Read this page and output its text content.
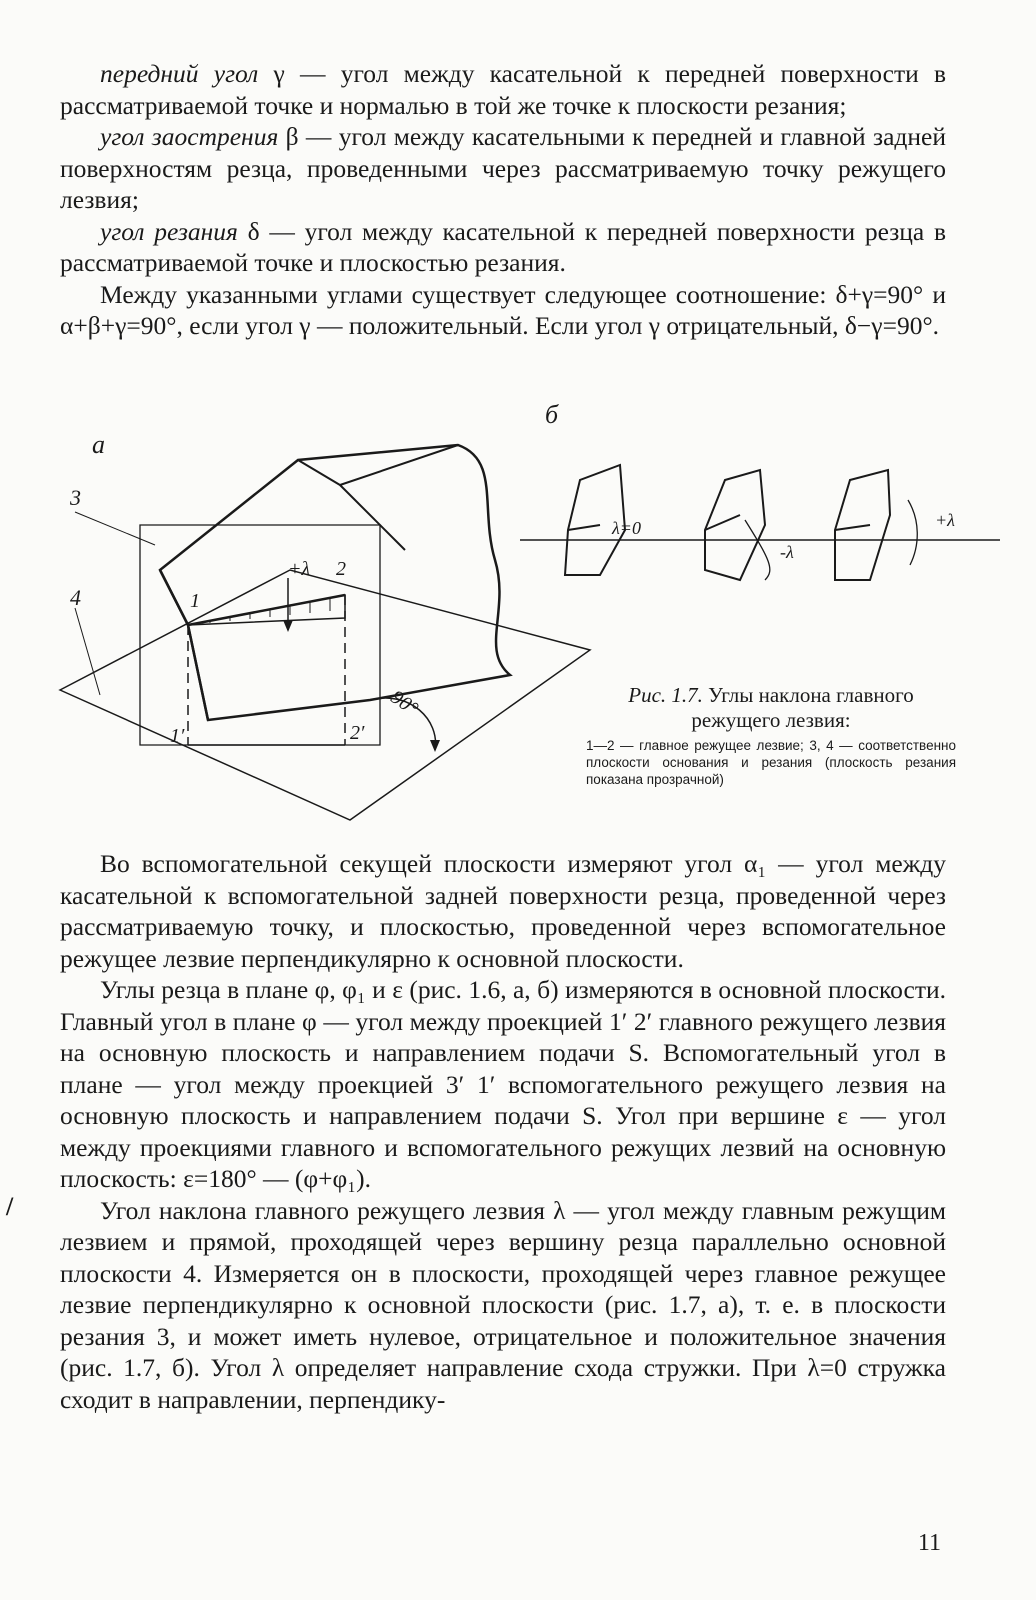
передний угол γ — угол между касательной к передней поверхности в рассматриваемой точке и нормалью в той же точке к плоскости резания;

угол заострения β — угол между касательными к передней и главной задней поверхностям резца, проведенными через рассматриваемую точку режущего лезвия;

угол резания δ — угол между касательной к передней поверхности резца в рассматриваемой точке и плоскостью резания.

Между указанными углами существует следующее соотношение: δ+γ=90° и α+β+γ=90°, если угол γ — положительный. Если угол γ отрицательный, δ−γ=90°.

а
б
3
4	1
2
1′	2′
+λ
90°
λ=0
-λ
+λ

Рис. 1.7. Углы наклона главного режущего лезвия:

1—2 — главное режущее лезвие; 3, 4 — соответственно плоскости основания и резания (плоскость резания показана прозрачной)

Во вспомогательной секущей плоскости измеряют угол α₁ — угол между касательной к вспомогательной задней поверхности резца, проведенной через рассматриваемую точку, и плоскостью, проведенной через вспомогательное режущее лезвие перпендикулярно к основной плоскости.

Углы резца в плане φ, φ₁ и ε (рис. 1.6, а, б) измеряются в основной плоскости. Главный угол в плане φ — угол между проекцией 1′ 2′ главного режущего лезвия на основную плоскость и направлением подачи S. Вспомогательный угол в плане — угол между проекцией 3′ 1′ вспомогательного режущего лезвия на основную плоскость и направлением подачи S. Угол при вершине ε — угол между проекциями главного и вспомогательного режущих лезвий на основную плоскость: ε=180° — (φ+φ₁).

Угол наклона главного режущего лезвия λ — угол между главным режущим лезвием и прямой, проходящей через вершину резца параллельно основной плоскости 4. Измеряется он в плоскости, проходящей через главное режущее лезвие перпендикулярно к основной плоскости (рис. 1.7, а), т. е. в плоскости резания 3, и может иметь нулевое, отрицательное и положительное значения (рис. 1.7, б). Угол λ определяет направление схода стружки. При λ=0 стружка сходит в направлении, перпендику-

/
11
